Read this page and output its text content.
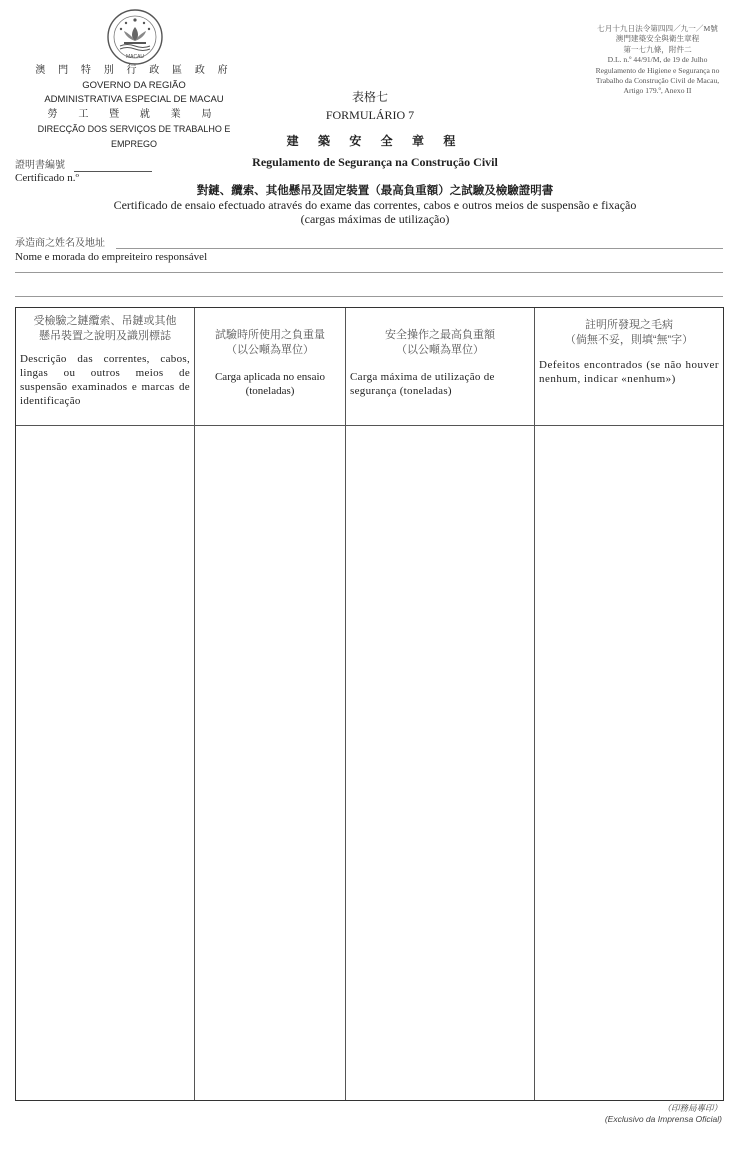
MACAU
澳 門 特 別 行 政 區 政 府
GOVERNO DA REGIÃO
ADMINISTRATIVA ESPECIAL DE MACAU
勞 工 暨 就 業 局
DIRECÇÃO DOS SERVIÇOS DE TRABALHO E EMPREGO
七月十九日法令第四四／九一／M號
澳門建築安全與衛生章程
第一七九條，附件二
D.L. n.º 44/91/M, de 19 de Julho
Regulamento de Higiene e Segurança no
Trabalho da Construção Civil de Macau,
Artigo 179.º, Anexo II
表格七
FORMULÁRIO 7
建 築 安 全 章 程
Regulamento de Segurança na Construção Civil
證明書編號
Certificado n.º
對鏈、纜索、其他懸吊及固定裝置（最高負重額）之試驗及檢驗證明書
Certificado de ensaio efectuado através do exame das correntes, cabos e outros meios de suspensão e fixação
(cargas máximas de utilização)
承造商之姓名及地址
Nome e morada do empreiteiro responsável
受檢驗之鏈纜索、吊鏈或其他
懸吊裝置之說明及識別標誌
Descrição das correntes, cabos, lingas ou outros meios de suspensão examinados e marcas de identificação
試驗時所使用之負重量
（以公噸為單位）
Carga aplicada no ensaio (toneladas)
安全操作之最高負重額
（以公噸為單位）
Carga máxima de utilização de segurança (toneladas)
註明所發現之毛病
（倘無不妥，則填“無”字）
Defeitos encontrados (se não houver nenhum, indicar «nenhum»)
（印務局專印）
(Exclusivo da Imprensa Oficial)
